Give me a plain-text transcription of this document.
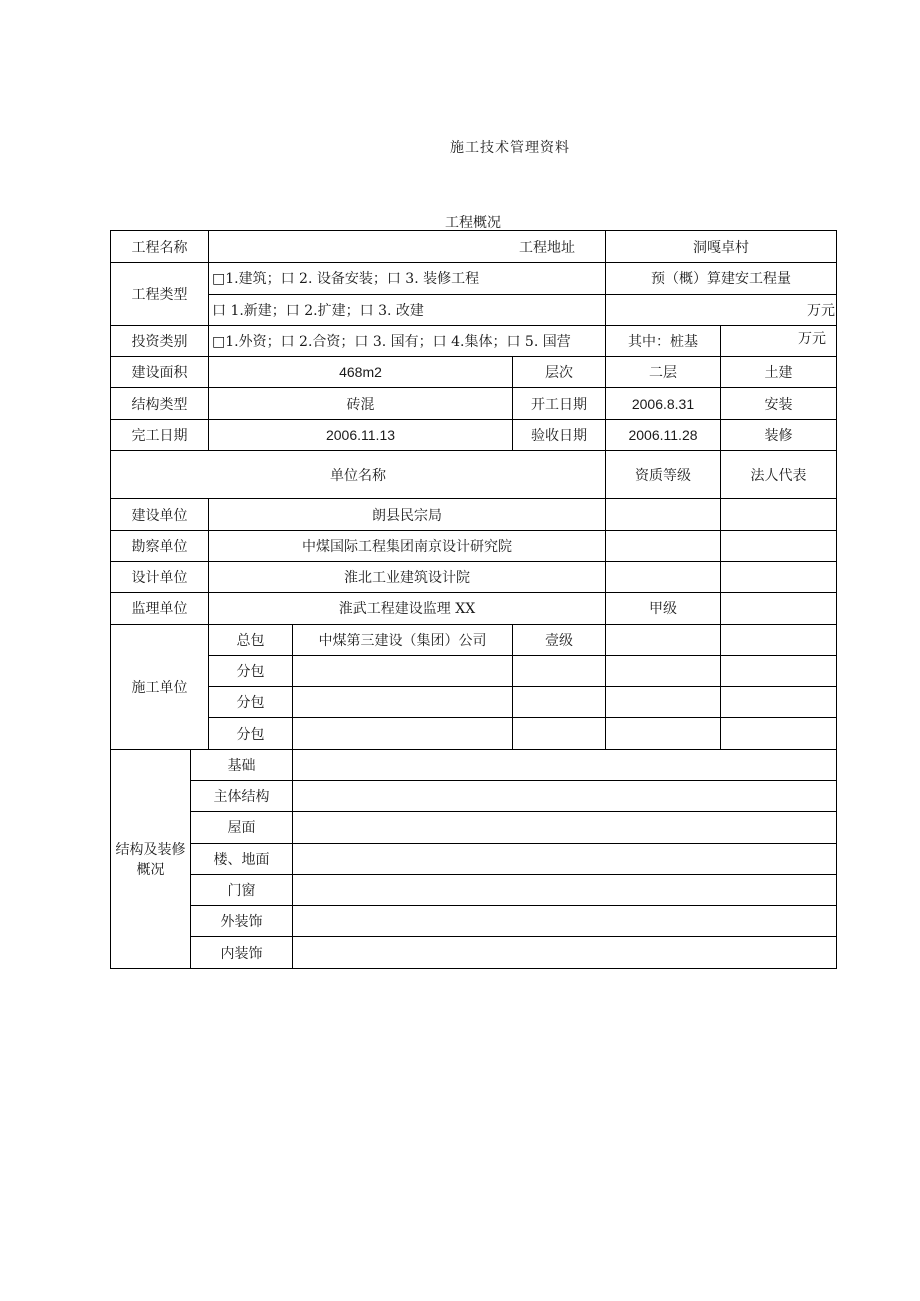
施工技术管理资料
工程概况
工程名称		工程地址			洞嘎卓村	
工程类型		□1.建筑；口 2. 设备安装；口 3. 装修工程			预（概）算建安工程量	
		口 1.新建；口 2.扩建；口 3. 改建			万元	
投资类别		□1.外资；口 2.合资；口 3. 国有；口 4.集体；口 5. 国营			其中：桩基	万元
建设面积		468m2		层次	二层	土建
结构类型		砖混		开工日期	2006.8.31	安装
完工日期		2006.11.13		验收日期	2006.11.28	装修
单位名称					资质等级	法人代表
建设单位		朗县民宗局				
勘察单位		中煤国际工程集团南京设计研究院				
设计单位		淮北工业建筑设计院				
监理单位		淮武工程建设监理 XX			甲级	
施工单位		总包	中煤第三建设（集团）公司	壹级		
		分包				
		分包				
		分包				
结构及装修
概况	基础					
	主体结构					
	屋面					
	楼、地面					
	门窗					
	外装饰					
	内装饰					
